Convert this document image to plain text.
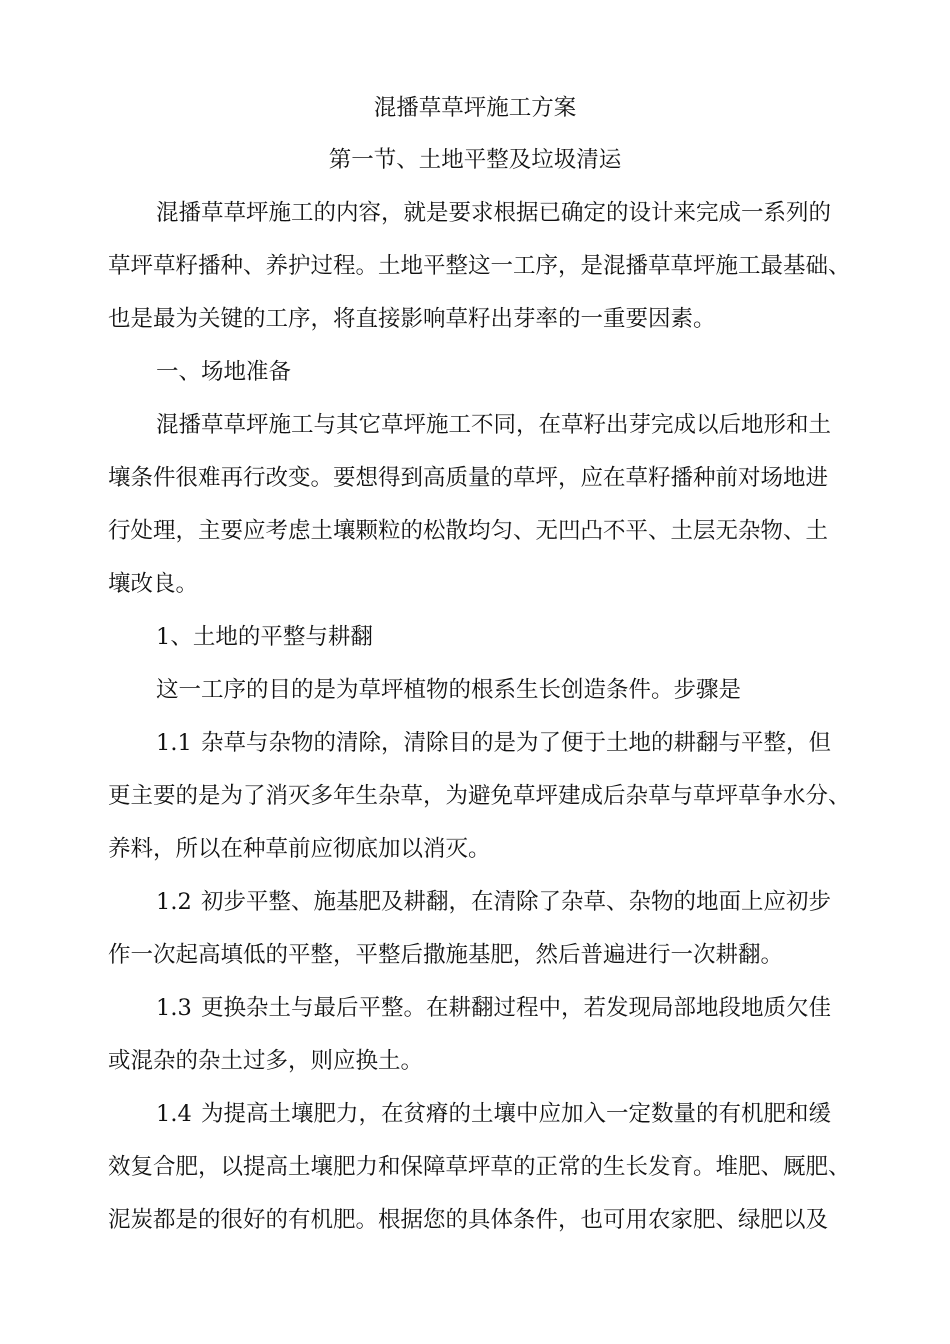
混播草草坪施工方案
第一节、土地平整及垃圾清运
混播草草坪施工的内容，就是要求根据已确定的设计来完成一系列的
草坪草籽播种、养护过程。土地平整这一工序，是混播草草坪施工最基础、
也是最为关键的工序，将直接影响草籽出芽率的一重要因素。
一、场地准备
混播草草坪施工与其它草坪施工不同，在草籽出芽完成以后地形和土
壤条件很难再行改变。要想得到高质量的草坪，应在草籽播种前对场地进
行处理，主要应考虑土壤颗粒的松散均匀、无凹凸不平、土层无杂物、土
壤改良。
1、土地的平整与耕翻
这一工序的目的是为草坪植物的根系生长创造条件。步骤是
1.1 杂草与杂物的清除，清除目的是为了便于土地的耕翻与平整，但
更主要的是为了消灭多年生杂草，为避免草坪建成后杂草与草坪草争水分、
养料，所以在种草前应彻底加以消灭。
1.2 初步平整、施基肥及耕翻，在清除了杂草、杂物的地面上应初步
作一次起高填低的平整，平整后撒施基肥，然后普遍进行一次耕翻。
1.3 更换杂土与最后平整。在耕翻过程中，若发现局部地段地质欠佳
或混杂的杂土过多，则应换土。
1.4 为提高土壤肥力，在贫瘠的土壤中应加入一定数量的有机肥和缓
效复合肥，以提高土壤肥力和保障草坪草的正常的生长发育。堆肥、厩肥、
泥炭都是的很好的有机肥。根据您的具体条件，也可用农家肥、绿肥以及
